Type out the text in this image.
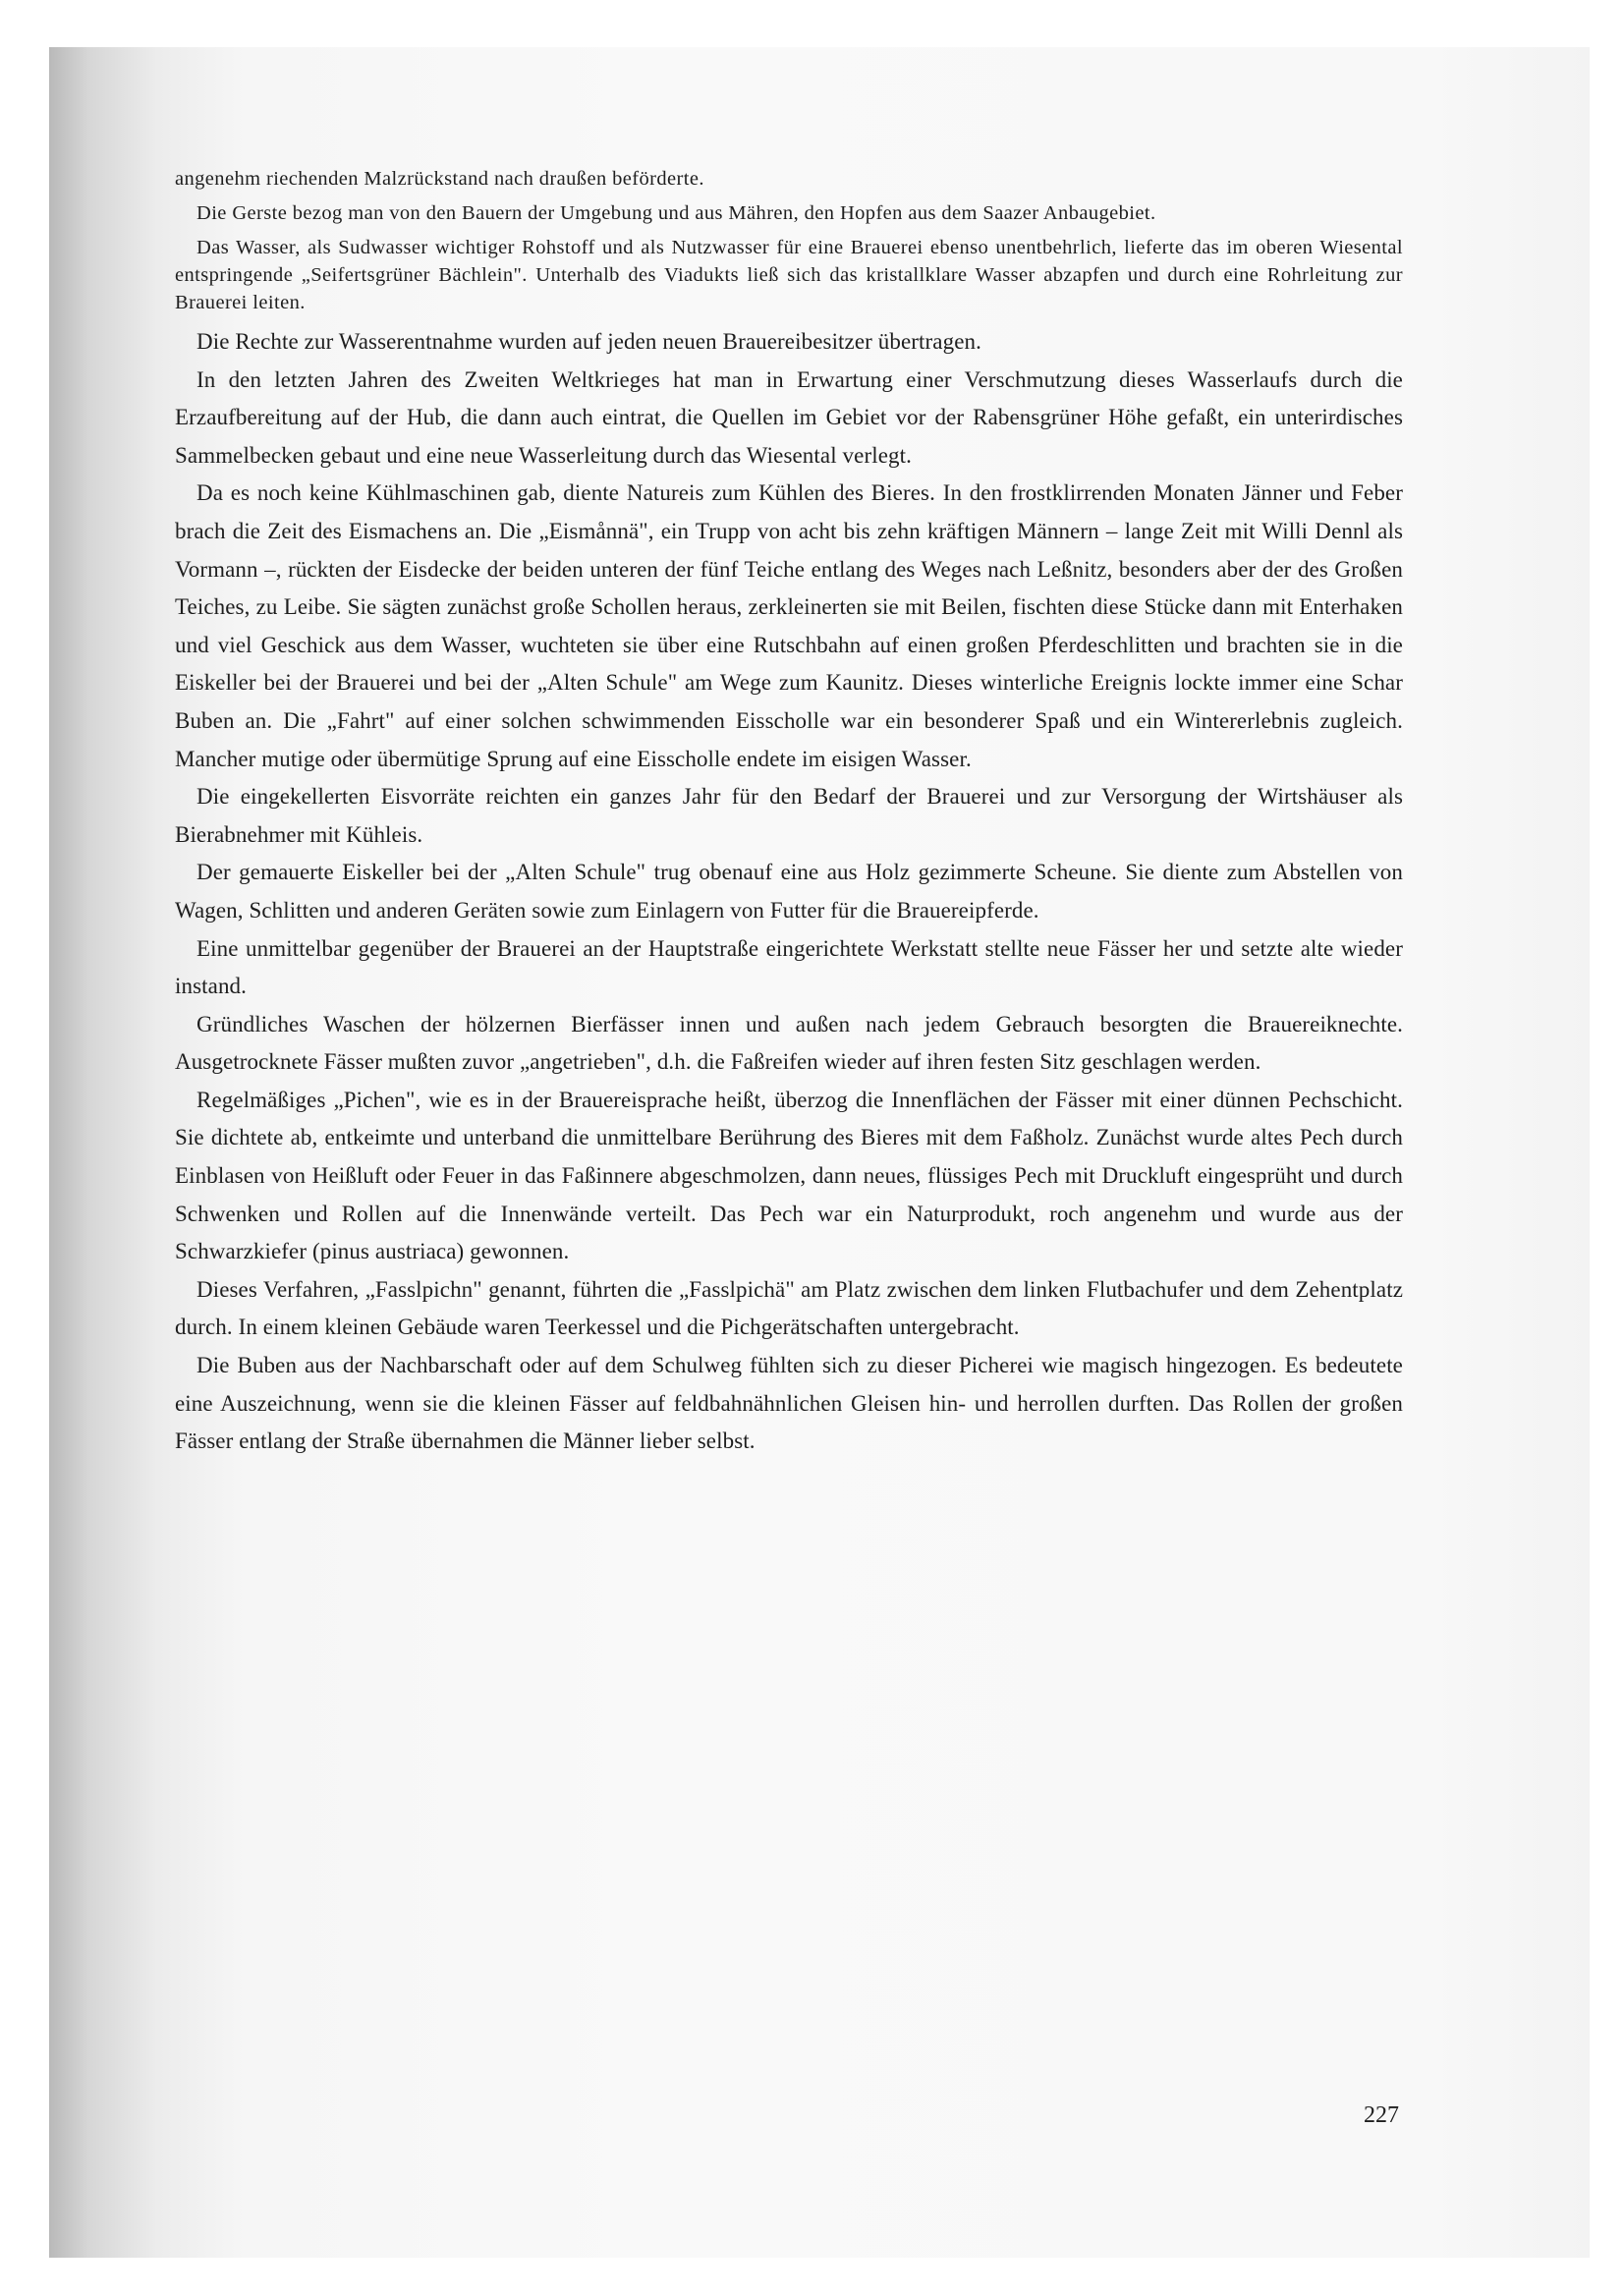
angenehm riechenden Malzrückstand nach draußen beförderte.

Die Gerste bezog man von den Bauern der Umgebung und aus Mähren, den Hopfen aus dem Saazer Anbaugebiet.

Das Wasser, als Sudwasser wichtiger Rohstoff und als Nutzwasser für eine Brauerei ebenso unentbehrlich, lieferte das im oberen Wiesental entspringende „Seifertsgrüner Bächlein". Unterhalb des Viadukts ließ sich das kristallklare Wasser abzapfen und durch eine Rohrleitung zur Brauerei leiten.

Die Rechte zur Wasserentnahme wurden auf jeden neuen Brauereibesitzer übertragen.

In den letzten Jahren des Zweiten Weltkrieges hat man in Erwartung einer Verschmutzung dieses Wasserlaufs durch die Erzaufbereitung auf der Hub, die dann auch eintrat, die Quellen im Gebiet vor der Rabensgrüner Höhe gefaßt, ein unterirdisches Sammelbecken gebaut und eine neue Wasserleitung durch das Wiesental verlegt.

Da es noch keine Kühlmaschinen gab, diente Natureis zum Kühlen des Bieres. In den frostklirrenden Monaten Jänner und Feber brach die Zeit des Eismachens an. Die „Eismånnä", ein Trupp von acht bis zehn kräftigen Männern – lange Zeit mit Willi Dennl als Vormann –, rückten der Eisdecke der beiden unteren der fünf Teiche entlang des Weges nach Leßnitz, besonders aber der des Großen Teiches, zu Leibe. Sie sägten zunächst große Schollen heraus, zerkleinerten sie mit Beilen, fischten diese Stücke dann mit Enterhaken und viel Geschick aus dem Wasser, wuchteten sie über eine Rutschbahn auf einen großen Pferdeschlitten und brachten sie in die Eiskeller bei der Brauerei und bei der „Alten Schule" am Wege zum Kaunitz. Dieses winterliche Ereignis lockte immer eine Schar Buben an. Die „Fahrt" auf einer solchen schwimmenden Eisscholle war ein besonderer Spaß und ein Wintererlebnis zugleich. Mancher mutige oder übermütige Sprung auf eine Eisscholle endete im eisigen Wasser.

Die eingekellerten Eisvorräte reichten ein ganzes Jahr für den Bedarf der Brauerei und zur Versorgung der Wirtshäuser als Bierabnehmer mit Kühleis.

Der gemauerte Eiskeller bei der „Alten Schule" trug obenauf eine aus Holz gezimmerte Scheune. Sie diente zum Abstellen von Wagen, Schlitten und anderen Geräten sowie zum Einlagern von Futter für die Brauereipferde.

Eine unmittelbar gegenüber der Brauerei an der Hauptstraße eingerichtete Werkstatt stellte neue Fässer her und setzte alte wieder instand.

Gründliches Waschen der hölzernen Bierfässer innen und außen nach jedem Gebrauch besorgten die Brauereiknechte. Ausgetrocknete Fässer mußten zuvor „angetrieben", d.h. die Faßreifen wieder auf ihren festen Sitz geschlagen werden.

Regelmäßiges „Pichen", wie es in der Brauereisprache heißt, überzog die Innenflächen der Fässer mit einer dünnen Pechschicht. Sie dichtete ab, entkeimte und unterband die unmittelbare Berührung des Bieres mit dem Faßholz. Zunächst wurde altes Pech durch Einblasen von Heißluft oder Feuer in das Faßinnere abgeschmolzen, dann neues, flüssiges Pech mit Druckluft eingesprüht und durch Schwenken und Rollen auf die Innenwände verteilt. Das Pech war ein Naturprodukt, roch angenehm und wurde aus der Schwarzkiefer (pinus austriaca) gewonnen.

Dieses Verfahren, „Fasslpichn" genannt, führten die „Fasslpichä" am Platz zwischen dem linken Flutbachufer und dem Zehentplatz durch. In einem kleinen Gebäude waren Teerkessel und die Pichgerätschaften untergebracht.

Die Buben aus der Nachbarschaft oder auf dem Schulweg fühlten sich zu dieser Picherei wie magisch hingezogen. Es bedeutete eine Auszeichnung, wenn sie die kleinen Fässer auf feldbahnähnlichen Gleisen hin- und herrollen durften. Das Rollen der großen Fässer entlang der Straße übernahmen die Männer lieber selbst.

227
